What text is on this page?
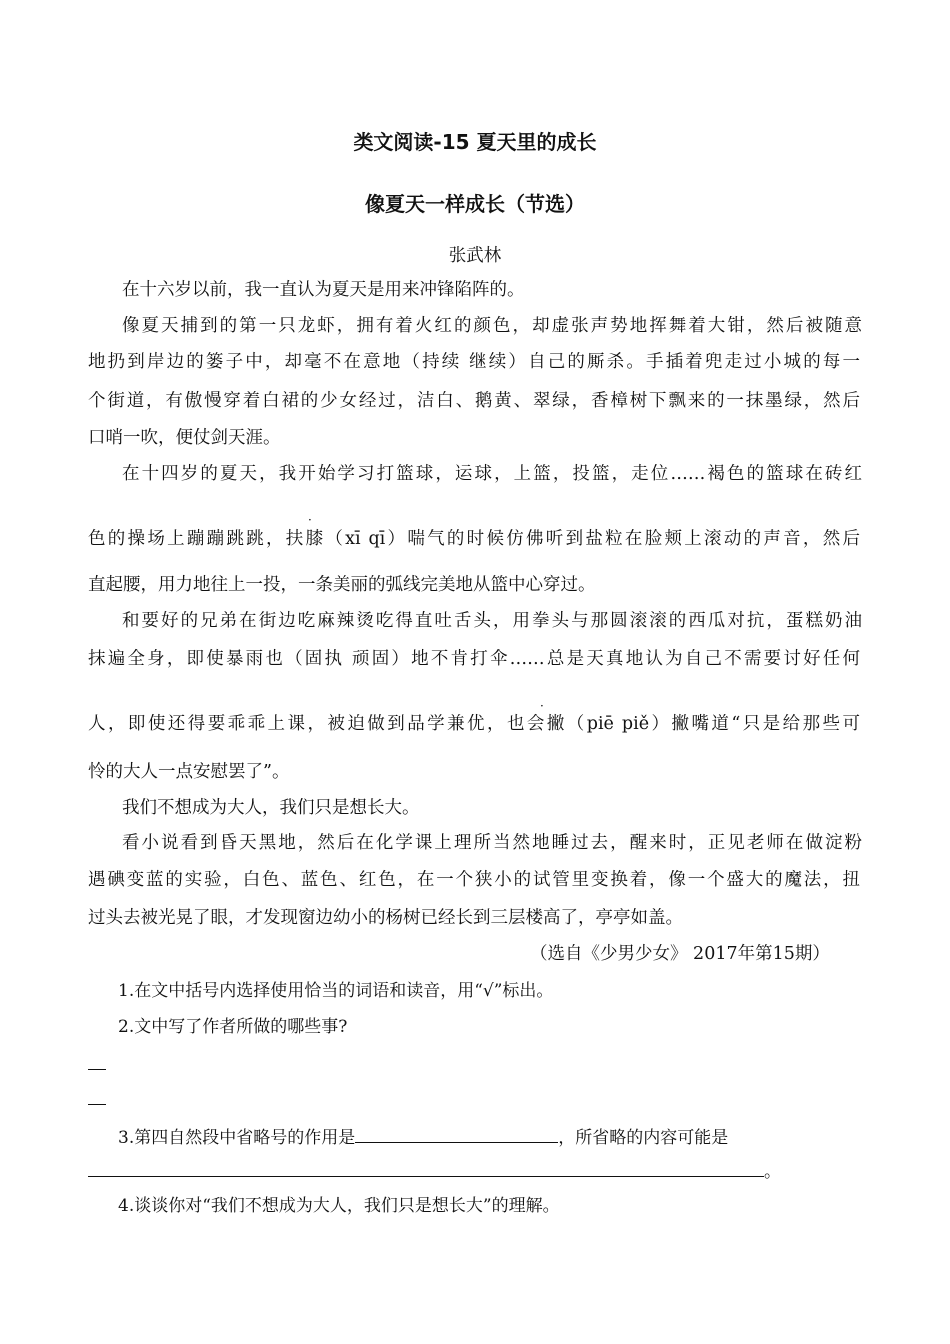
类文阅读-15 夏天里的成长
像夏天一样成长（节选）
张武林
在十六岁以前，我一直认为夏天是用来冲锋陷阵的。
像夏天捕到的第一只龙虾，拥有着火红的颜色，却虚张声势地挥舞着大钳，然后被随意
地扔到岸边的篓子中，却毫不在意地（持续 继续）自己的厮杀。手插着兜走过小城的每一
个街道，有傲慢穿着白裙的少女经过，洁白、鹅黄、翠绿，香樟树下飘来的一抹墨绿，然后
口哨一吹，便仗剑天涯。
在十四岁的夏天，我开始学习打篮球，运球，上篮，投篮，走位……褐色的篮球在砖红
·
色的操场上蹦蹦跳跳，扶膝（xī qī）喘气的时候仿佛听到盐粒在脸颊上滚动的声音，然后
直起腰，用力地往上一投，一条美丽的弧线完美地从篮中心穿过。
和要好的兄弟在街边吃麻辣烫吃得直吐舌头，用拳头与那圆滚滚的西瓜对抗，蛋糕奶油
抹遍全身，即使暴雨也（固执 顽固）地不肯打伞……总是天真地认为自己不需要讨好任何
·
人，即使还得要乖乖上课，被迫做到品学兼优，也会撇（piē piě）撇嘴道“只是给那些可
怜的大人一点安慰罢了”。
我们不想成为大人，我们只是想长大。
看小说看到昏天黑地，然后在化学课上理所当然地睡过去，醒来时，正见老师在做淀粉
遇碘变蓝的实验，白色、蓝色、红色，在一个狭小的试管里变换着，像一个盛大的魔法，扭
过头去被光晃了眼，才发现窗边幼小的杨树已经长到三层楼高了，亭亭如盖。
（选自《少男少女》 2017年第15期）
1.在文中括号内选择使用恰当的词语和读音，用“√”标出。
2.文中写了作者所做的哪些事?
3.第四自然段中省略号的作用是	，所省略的内容可能是
。
4.谈谈你对“我们不想成为大人，我们只是想长大”的理解。
